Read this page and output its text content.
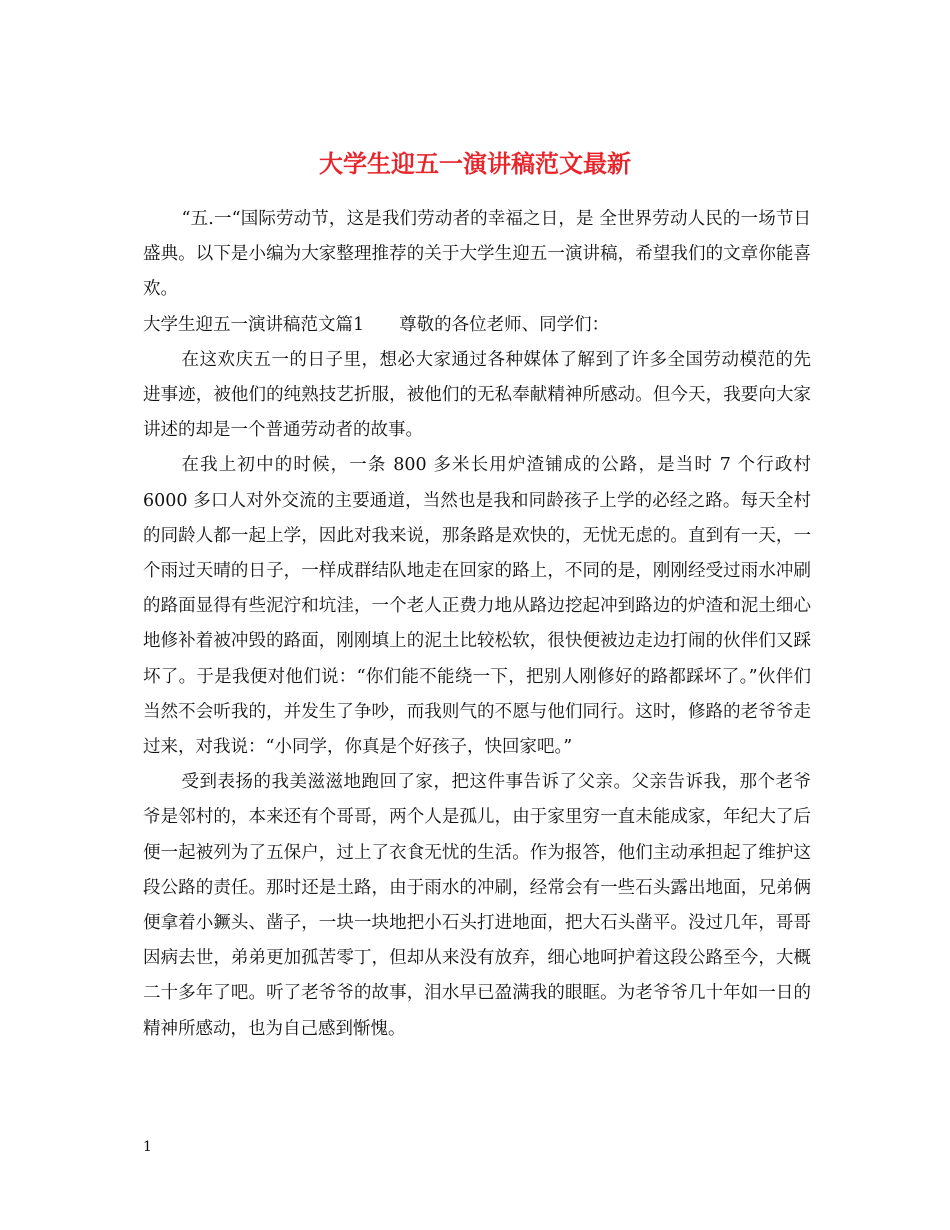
大学生迎五一演讲稿范文最新

“五.一“国际劳动节，这是我们劳动者的幸福之日，是 全世界劳动人民的一场节日盛典。以下是小编为大家整理推荐的关于大学生迎五一演讲稿，希望我们的文章你能喜欢。

大学生迎五一演讲稿范文篇1　　尊敬的各位老师、同学们：

在这欢庆五一的日子里，想必大家通过各种媒体了解到了许多全国劳动模范的先进事迹，被他们的纯熟技艺折服，被他们的无私奉献精神所感动。但今天，我要向大家讲述的却是一个普通劳动者的故事。

在我上初中的时候，一条 800 多米长用炉渣铺成的公路，是当时 7 个行政村 6000 多口人对外交流的主要通道，当然也是我和同龄孩子上学的必经之路。每天全村的同龄人都一起上学，因此对我来说，那条路是欢快的，无忧无虑的。直到有一天，一个雨过天晴的日子，一样成群结队地走在回家的路上，不同的是，刚刚经受过雨水冲刷的路面显得有些泥泞和坑洼，一个老人正费力地从路边挖起冲到路边的炉渣和泥土细心地修补着被冲毁的路面，刚刚填上的泥土比较松软，很快便被边走边打闹的伙伴们又踩坏了。于是我便对他们说：“你们能不能绕一下，把别人刚修好的路都踩坏了。”伙伴们当然不会听我的，并发生了争吵，而我则气的不愿与他们同行。这时，修路的老爷爷走过来，对我说：“小同学，你真是个好孩子，快回家吧。”

受到表扬的我美滋滋地跑回了家，把这件事告诉了父亲。父亲告诉我，那个老爷爷是邻村的，本来还有个哥哥，两个人是孤儿，由于家里穷一直未能成家，年纪大了后便一起被列为了五保户，过上了衣食无忧的生活。作为报答，他们主动承担起了维护这段公路的责任。那时还是土路，由于雨水的冲刷，经常会有一些石头露出地面，兄弟俩便拿着小鐝头、凿子，一块一块地把小石头打进地面，把大石头凿平。没过几年，哥哥因病去世，弟弟更加孤苦零丁，但却从来没有放弃，细心地呵护着这段公路至今，大概二十多年了吧。听了老爷爷的故事，泪水早已盈满我的眼眶。为老爷爷几十年如一日的精神所感动，也为自己感到惭愧。

1
